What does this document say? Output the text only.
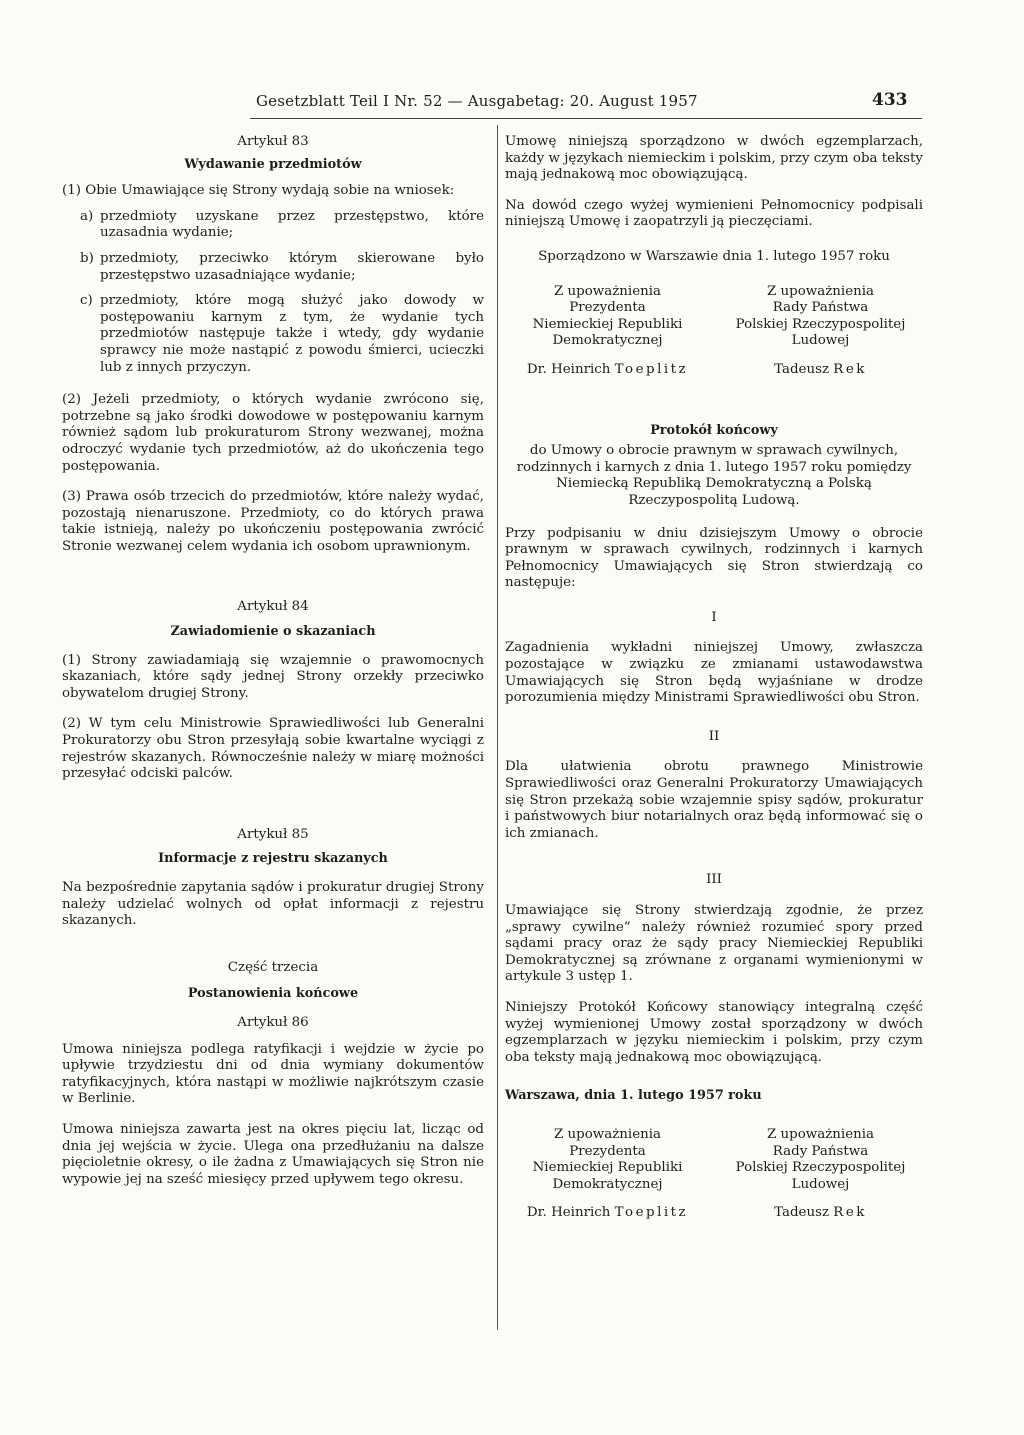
Gesetzblatt Teil I Nr. 52 — Ausgabetag: 20. August 1957	433

Artykuł 83

Wydawanie przedmiotów

(1) Obie Umawiające się Strony wydają sobie na wniosek:

a) przedmioty uzyskane przez przestępstwo, które uzasadnia wydanie;
b) przedmioty, przeciwko którym skierowane było przestępstwo uzasadniające wydanie;
c) przedmioty, które mogą służyć jako dowody w postępowaniu karnym z tym, że wydanie tych przedmiotów następuje także i wtedy, gdy wydanie sprawcy nie może nastąpić z powodu śmierci, ucieczki lub z innych przyczyn.

(2) Jeżeli przedmioty, o których wydanie zwrócono się, potrzebne są jako środki dowodowe w postępowaniu karnym również sądom lub prokuraturom Strony wezwanej, można odroczyć wydanie tych przedmiotów, aż do ukończenia tego postępowania.

(3) Prawa osób trzecich do przedmiotów, które należy wydać, pozostają nienaruszone. Przedmioty, co do których prawa takie istnieją, należy po ukończeniu postępowania zwrócić Stronie wezwanej celem wydania ich osobom uprawnionym.

Artykuł 84

Zawiadomienie o skazaniach

(1) Strony zawiadamiają się wzajemnie o prawomocnych skazaniach, które sądy jednej Strony orzekły przeciwko obywatelom drugiej Strony.

(2) W tym celu Ministrowie Sprawiedliwości lub Generalni Prokuratorzy obu Stron przesyłają sobie kwartalne wyciągi z rejestrów skazanych. Równocześnie należy w miarę możności przesyłać odciski palców.

Artykuł 85

Informacje z rejestru skazanych

Na bezpośrednie zapytania sądów i prokuratur drugiej Strony należy udzielać wolnych od opłat informacji z rejestru skazanych.

Część trzecia

Postanowienia końcowe

Artykuł 86

Umowa niniejsza podlega ratyfikacji i wejdzie w życie po upływie trzydziestu dni od dnia wymiany dokumentów ratyfikacyjnych, która nastąpi w możliwie najkrótszym czasie w Berlinie.

Umowa niniejsza zawarta jest na okres pięciu lat, licząc od dnia jej wejścia w życie. Ulega ona przedłużaniu na dalsze pięcioletnie okresy, o ile żadna z Umawiających się Stron nie wypowie jej na sześć miesięcy przed upływem tego okresu.

Umowę niniejszą sporządzono w dwóch egzemplarzach, każdy w językach niemieckim i polskim, przy czym oba teksty mają jednakową moc obowiązującą.

Na dowód czego wyżej wymienieni Pełnomocnicy podpisali niniejszą Umowę i zaopatrzyli ją pieczęciami.

Sporządzono w Warszawie dnia 1. lutego 1957 roku

Z upoważnienia
Prezydenta
Niemieckiej Republiki
Demokratycznej
Dr. Heinrich Toeplitz
Z upoważnienia
Rady Państwa
Polskiej Rzeczypospolitej
Ludowej
Tadeusz Rek

Protokół końcowy

do Umowy o obrocie prawnym w sprawach cywilnych,

rodzinnych i karnych z dnia 1. lutego 1957 roku pomiędzy

Niemiecką Republiką Demokratyczną a Polską

Rzeczypospolitą Ludową.

Przy podpisaniu w dniu dzisiejszym Umowy o obrocie prawnym w sprawach cywilnych, rodzinnych i karnych Pełnomocnicy Umawiających się Stron stwierdzają co następuje:

I

Zagadnienia wykładni niniejszej Umowy, zwłaszcza pozostające w związku ze zmianami ustawodawstwa Umawiających się Stron będą wyjaśniane w drodze porozumienia między Ministrami Sprawiedliwości obu Stron.

II

Dla ułatwienia obrotu prawnego Ministrowie Sprawiedliwości oraz Generalni Prokuratorzy Umawiających się Stron przekażą sobie wzajemnie spisy sądów, prokuratur i państwowych biur notarialnych oraz będą informować się o ich zmianach.

III

Umawiające się Strony stwierdzają zgodnie, że przez „sprawy cywilne“ należy również rozumieć spory przed sądami pracy oraz że sądy pracy Niemieckiej Republiki Demokratycznej są zrównane z organami wymienionymi w artykule 3 ustęp 1.

Niniejszy Protokół Końcowy stanowiący integralną część wyżej wymienionej Umowy został sporządzony w dwóch egzemplarzach w języku niemieckim i polskim, przy czym oba teksty mają jednakową moc obowiązującą.

Warszawa, dnia 1. lutego 1957 roku

Z upoważnienia
Prezydenta
Niemieckiej Republiki
Demokratycznej
Dr. Heinrich Toeplitz
Z upoważnienia
Rady Państwa
Polskiej Rzeczypospolitej
Ludowej
Tadeusz Rek
